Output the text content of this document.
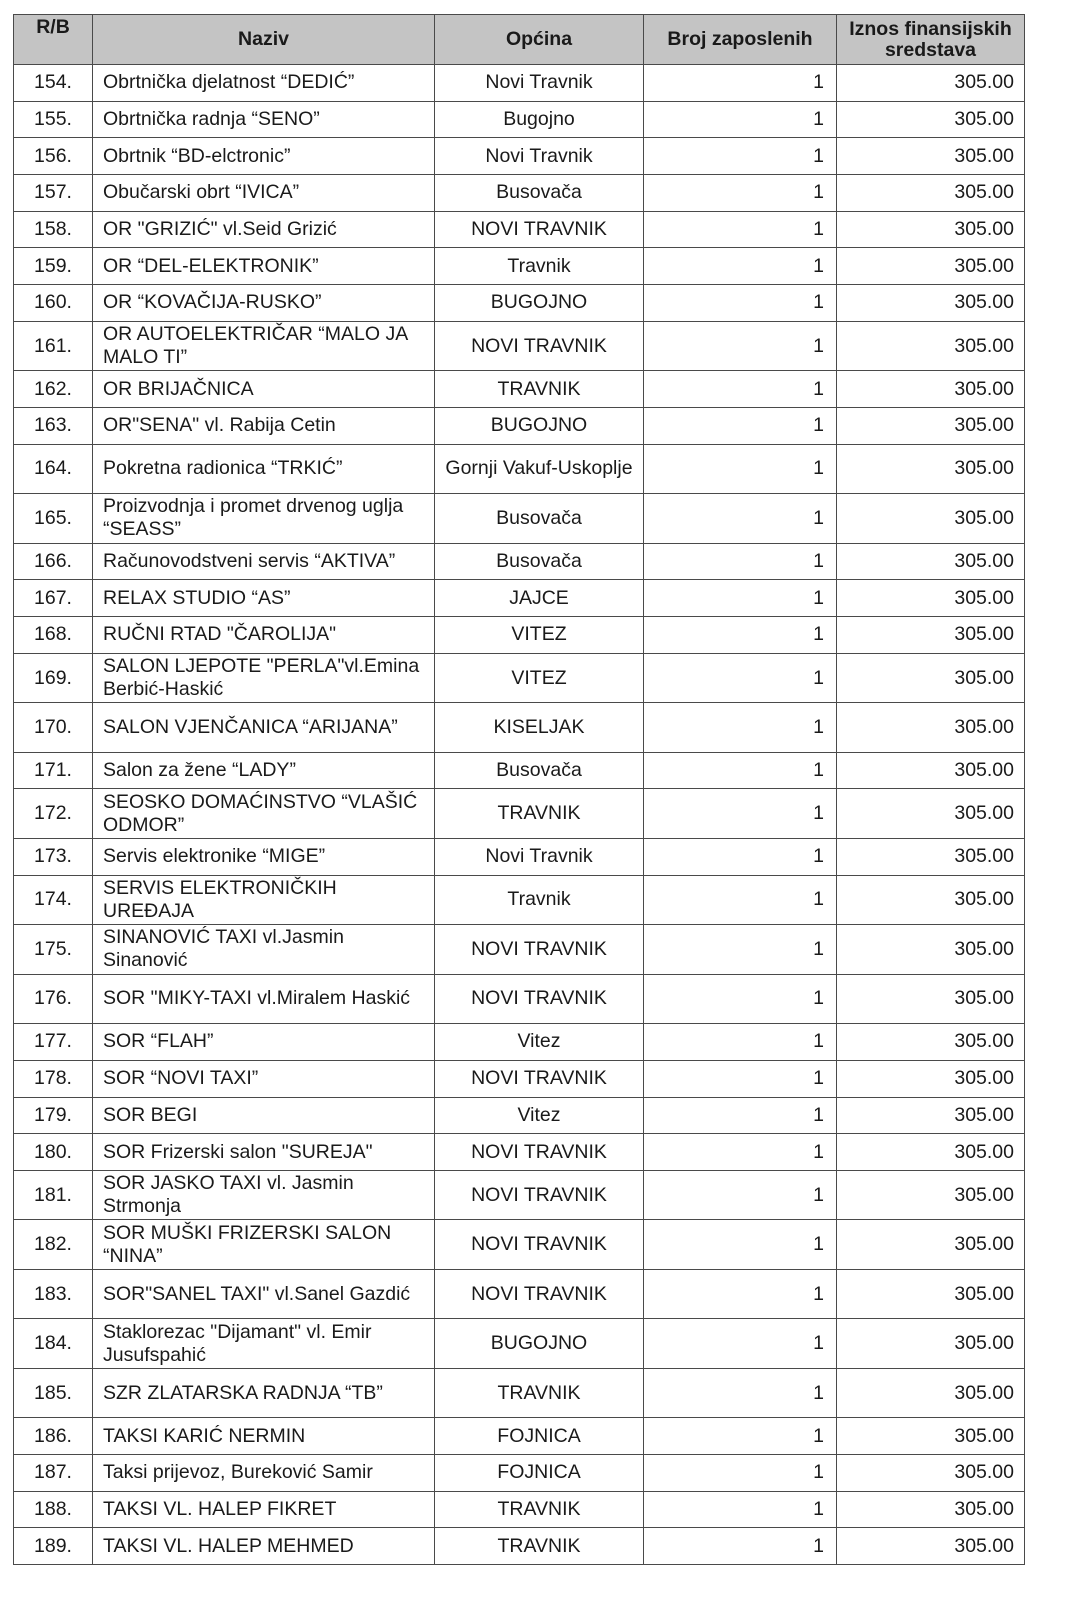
R/B	Naziv	Općina	Broj zaposlenih	Iznos finansijskih sredstava
154.	Obrtnička djelatnost “DEDIĆ”	Novi Travnik	1	305.00
155.	Obrtnička radnja “SENO”	Bugojno	1	305.00
156.	Obrtnik “BD-elctronic”	Novi Travnik	1	305.00
157.	Obučarski obrt “IVICA”	Busovača	1	305.00
158.	OR "GRIZIĆ" vl.Seid Grizić	NOVI TRAVNIK	1	305.00
159.	OR “DEL-ELEKTRONIK”	Travnik	1	305.00
160.	OR “KOVAČIJA-RUSKO”	BUGOJNO	1	305.00
161.	OR AUTOELEKTRIČAR “MALO JA MALO TI”	NOVI TRAVNIK	1	305.00
162.	OR BRIJAČNICA	TRAVNIK	1	305.00
163.	OR"SENA" vl. Rabija Cetin	BUGOJNO	1	305.00
164.	Pokretna radionica “TRKIĆ”	Gornji Vakuf-Uskoplje	1	305.00
165.	Proizvodnja i promet drvenog uglja “SEASS”	Busovača	1	305.00
166.	Računovodstveni servis “AKTIVA”	Busovača	1	305.00
167.	RELAX STUDIO “AS”	JAJCE	1	305.00
168.	RUČNI RTAD "ČAROLIJA"	VITEZ	1	305.00
169.	SALON LJEPOTE "PERLA"vl.Emina Berbić-Haskić	VITEZ	1	305.00
170.	SALON VJENČANICA “ARIJANA”	KISELJAK	1	305.00
171.	Salon za žene “LADY”	Busovača	1	305.00
172.	SEOSKO DOMAĆINSTVO “VLAŠIĆ ODMOR”	TRAVNIK	1	305.00
173.	Servis elektronike “MIGE”	Novi Travnik	1	305.00
174.	SERVIS ELEKTRONIČKIH UREĐAJA	Travnik	1	305.00
175.	SINANOVIĆ TAXI vl.Jasmin Sinanović	NOVI TRAVNIK	1	305.00
176.	SOR "MIKY-TAXI vl.Miralem Haskić	NOVI TRAVNIK	1	305.00
177.	SOR “FLAH”	Vitez	1	305.00
178.	SOR “NOVI TAXI”	NOVI TRAVNIK	1	305.00
179.	SOR BEGI	Vitez	1	305.00
180.	SOR Frizerski salon "SUREJA"	NOVI TRAVNIK	1	305.00
181.	SOR JASKO TAXI vl. Jasmin Strmonja	NOVI TRAVNIK	1	305.00
182.	SOR MUŠKI FRIZERSKI SALON “NINA”	NOVI TRAVNIK	1	305.00
183.	SOR"SANEL TAXI" vl.Sanel Gazdić	NOVI TRAVNIK	1	305.00
184.	Staklorezac "Dijamant" vl. Emir Jusufspahić	BUGOJNO	1	305.00
185.	SZR ZLATARSKA RADNJA “TB”	TRAVNIK	1	305.00
186.	TAKSI KARIĆ NERMIN	FOJNICA	1	305.00
187.	Taksi prijevoz, Bureković Samir	FOJNICA	1	305.00
188.	TAKSI VL. HALEP FIKRET	TRAVNIK	1	305.00
189.	TAKSI VL. HALEP MEHMED	TRAVNIK	1	305.00
